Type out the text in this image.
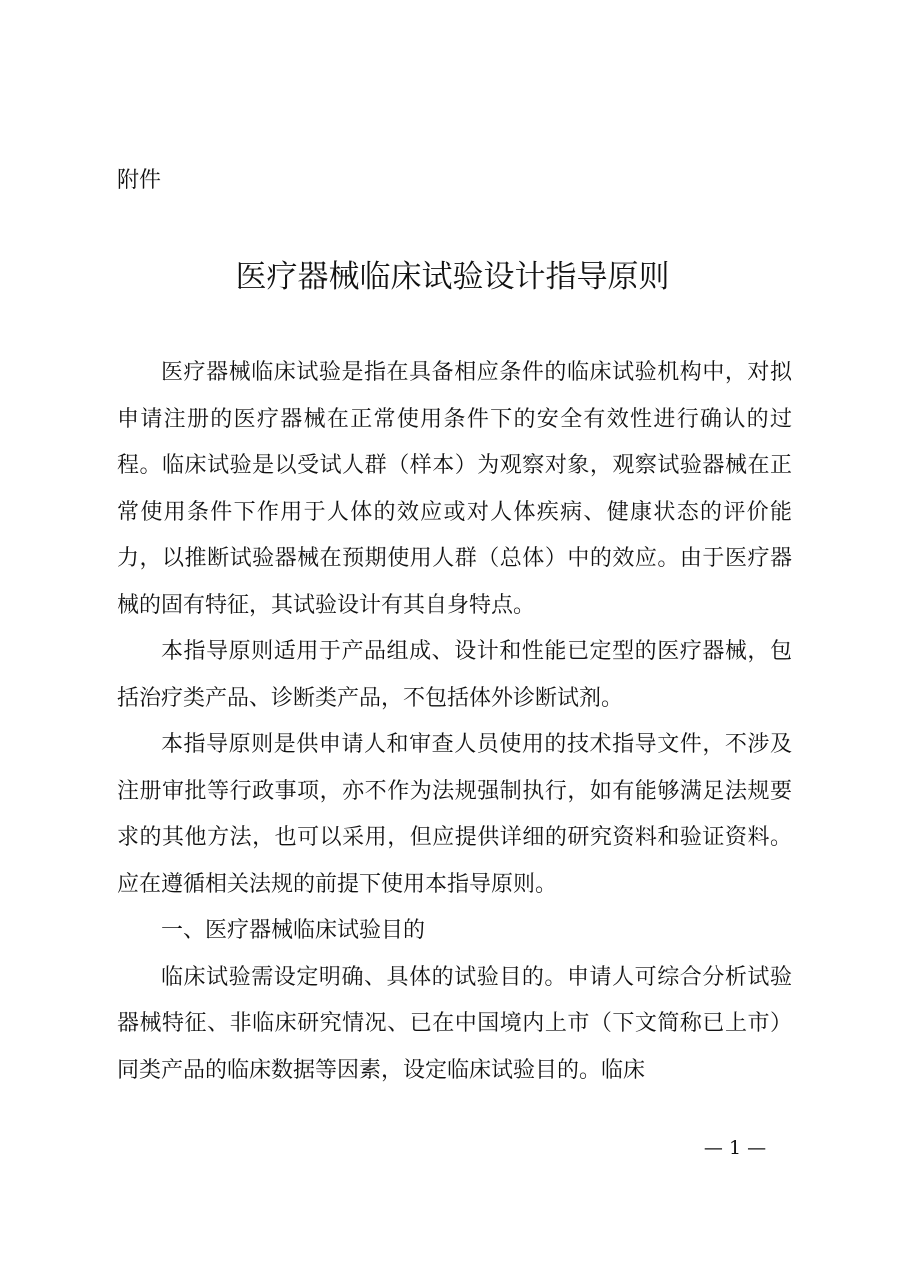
附件
医疗器械临床试验设计指导原则

医疗器械临床试验是指在具备相应条件的临床试验机构中，对拟申请注册的医疗器械在正常使用条件下的安全有效性进行确认的过程。临床试验是以受试人群（样本）为观察对象，观察试验器械在正常使用条件下作用于人体的效应或对人体疾病、健康状态的评价能力，以推断试验器械在预期使用人群（总体）中的效应。由于医疗器械的固有特征，其试验设计有其自身特点。

本指导原则适用于产品组成、设计和性能已定型的医疗器械，包括治疗类产品、诊断类产品，不包括体外诊断试剂。

本指导原则是供申请人和审查人员使用的技术指导文件，不涉及注册审批等行政事项，亦不作为法规强制执行，如有能够满足法规要求的其他方法，也可以采用，但应提供详细的研究资料和验证资料。应在遵循相关法规的前提下使用本指导原则。

一、医疗器械临床试验目的

临床试验需设定明确、具体的试验目的。申请人可综合分析试验器械特征、非临床研究情况、已在中国境内上市（下文简称已上市）同类产品的临床数据等因素，设定临床试验目的。临床

— 1 —
